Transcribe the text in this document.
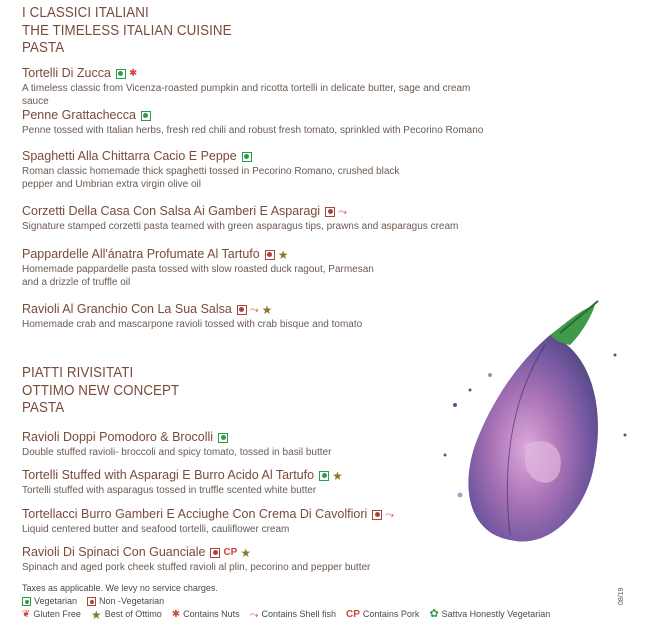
I CLASSICI ITALIANI
THE TIMELESS ITALIAN CUISINE
PASTA
Tortelli Di Zucca ✱
A timeless classic from Vicenza-roasted pumpkin and ricotta tortelli in delicate butter, sage and cream sauce
Penne Grattachecca
Penne tossed with Italian herbs, fresh red chili and robust fresh tomato, sprinkled with Pecorino Romano
Spaghetti Alla Chittarra Cacio E Peppe
Roman classic homemade thick spaghetti tossed in Pecorino Romano, crushed black
pepper and Umbrian extra virgin olive oil
Corzetti Della Casa Con Salsa Ai Gamberi E Asparagi ⤳
Signature stamped corzetti pasta teamed with green asparagus tips, prawns and asparagus cream
Pappardelle All'ánatra Profumate Al Tartufo ★
Homemade pappardelle pasta tossed with slow roasted duck ragout, Parmesan
and a drizzle of truffle oil
Ravioli Al Granchio Con La Sua Salsa ⤳ ★
Homemade crab and mascarpone ravioli tossed with crab bisque and tomato
PIATTI RIVISITATI
OTTIMO NEW CONCEPT
PASTA
Ravioli Doppi Pomodoro & Brocolli
Double stuffed ravioli- broccoli and spicy tomato, tossed in basil butter
Tortelli Stuffed with Asparagi E Burro Acido Al Tartufo ★
Tortelli stuffed with asparagus tossed in truffle scented white butter
Tortellacci Burro Gamberi E Acciughe Con Crema Di Cavolfiori ⤳
Liquid centered butter and seafood tortelli, cauliflower cream
Ravioli Di Spinaci Con Guanciale CP ★
Spinach and aged pork cheek stuffed ravioli al plin, pecorino and pepper butter
Taxes as applicable. We levy no service charges.
Vegetarian Non -Vegetarian
❦ Gluten Free ★ Best of Ottimo ✱ Contains Nuts ⤳ Contains Shell fish CP Contains Pork ✿ Sattva Honestly Vegetarian
08/19
